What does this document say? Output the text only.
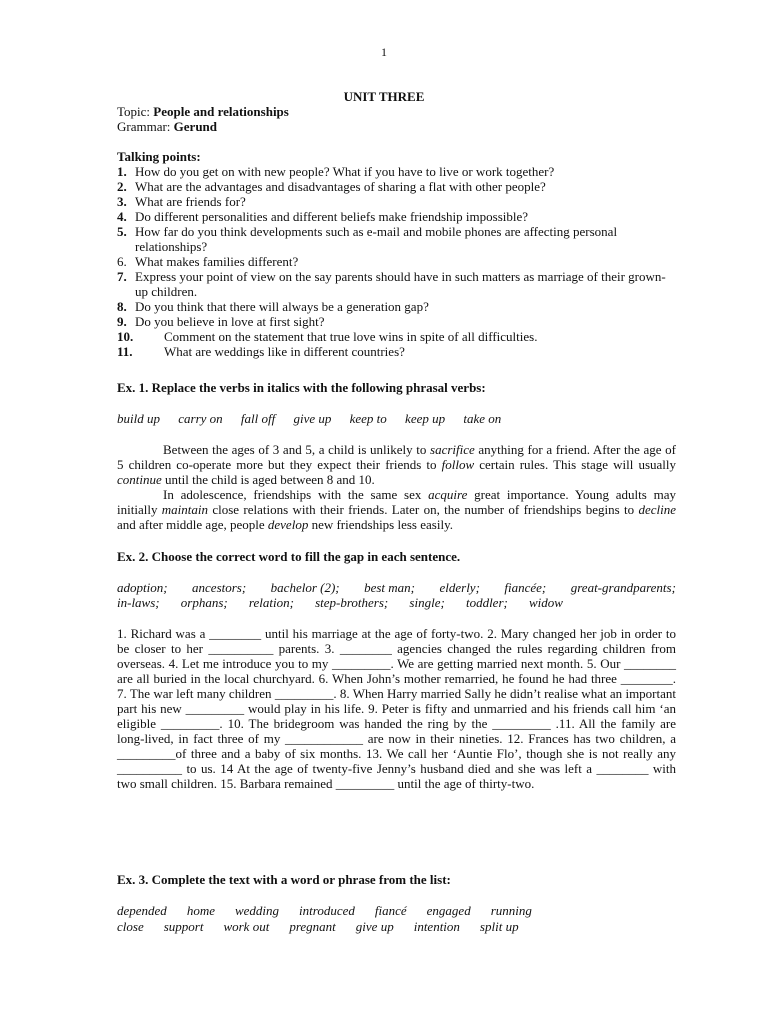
1
UNIT THREE
Topic: People and relationships
Grammar: Gerund
Talking points:
1. How do you get on with new people? What if you have to live or work together?
2. What are the advantages and disadvantages of sharing a flat with other people?
3. What are friends for?
4. Do different personalities and different beliefs make friendship impossible?
5. How far do you think developments such as e-mail and mobile phones are affecting personal relationships?
6. What makes families different?
7. Express your point of view on the say parents should have in such matters as marriage of their grown-up children.
8. Do you think that there will always be a generation gap?
9. Do you believe in love at first sight?
10.	Comment on the statement that true love wins in spite of all difficulties.
11.	What are weddings like in different countries?
Ex. 1. Replace the verbs in italics with the following phrasal verbs:
build up carry on fall off give up keep to keep up take on

Between the ages of 3 and 5, a child is unlikely to sacrifice anything for a friend. After the age of 5 children co-operate more but they expect their friends to follow certain rules. This stage will usually continue until the child is aged between 8 and 10.

In adolescence, friendships with the same sex acquire great importance. Young adults may initially maintain close relations with their friends. Later on, the number of friendships begins to decline and after middle age, people develop new friendships less easily.

Ex. 2. Choose the correct word to fill the gap in each sentence.
adoption; ancestors; bachelor (2); best man; elderly; fiancée; great-grandparents;
in-laws; orphans; relation; step-brothers; single; toddler; widow

1. Richard was a ________ until his marriage at the age of forty-two. 2. Mary changed her job in order to be closer to her __________ parents. 3. ________ agencies changed the rules regarding children from overseas. 4. Let me introduce you to my _________. We are getting married next month. 5. Our ________ are all buried in the local churchyard. 6. When John’s mother remarried, he found he had three ________. 7. The war left many children _________. 8. When Harry married Sally he didn’t realise what an important part his new _________ would play in his life. 9. Peter is fifty and unmarried and his friends call him ‘an eligible _________. 10. The bridegroom was handed the ring by the _________ .11. All the family are long-lived, in fact three of my ____________ are now in their nineties. 12. Frances has two children, a _________of three and a baby of six months. 13. We call her ‘Auntie Flo’, though she is not really any __________ to us. 14 At the age of twenty-five Jenny’s husband died and she was left a ________ with two small children. 15. Barbara remained _________ until the age of thirty-two.

Ex. 3. Complete the text with a word or phrase from the list:
depended home wedding introduced fiancé engaged running
close support work out pregnant give up intention split up
